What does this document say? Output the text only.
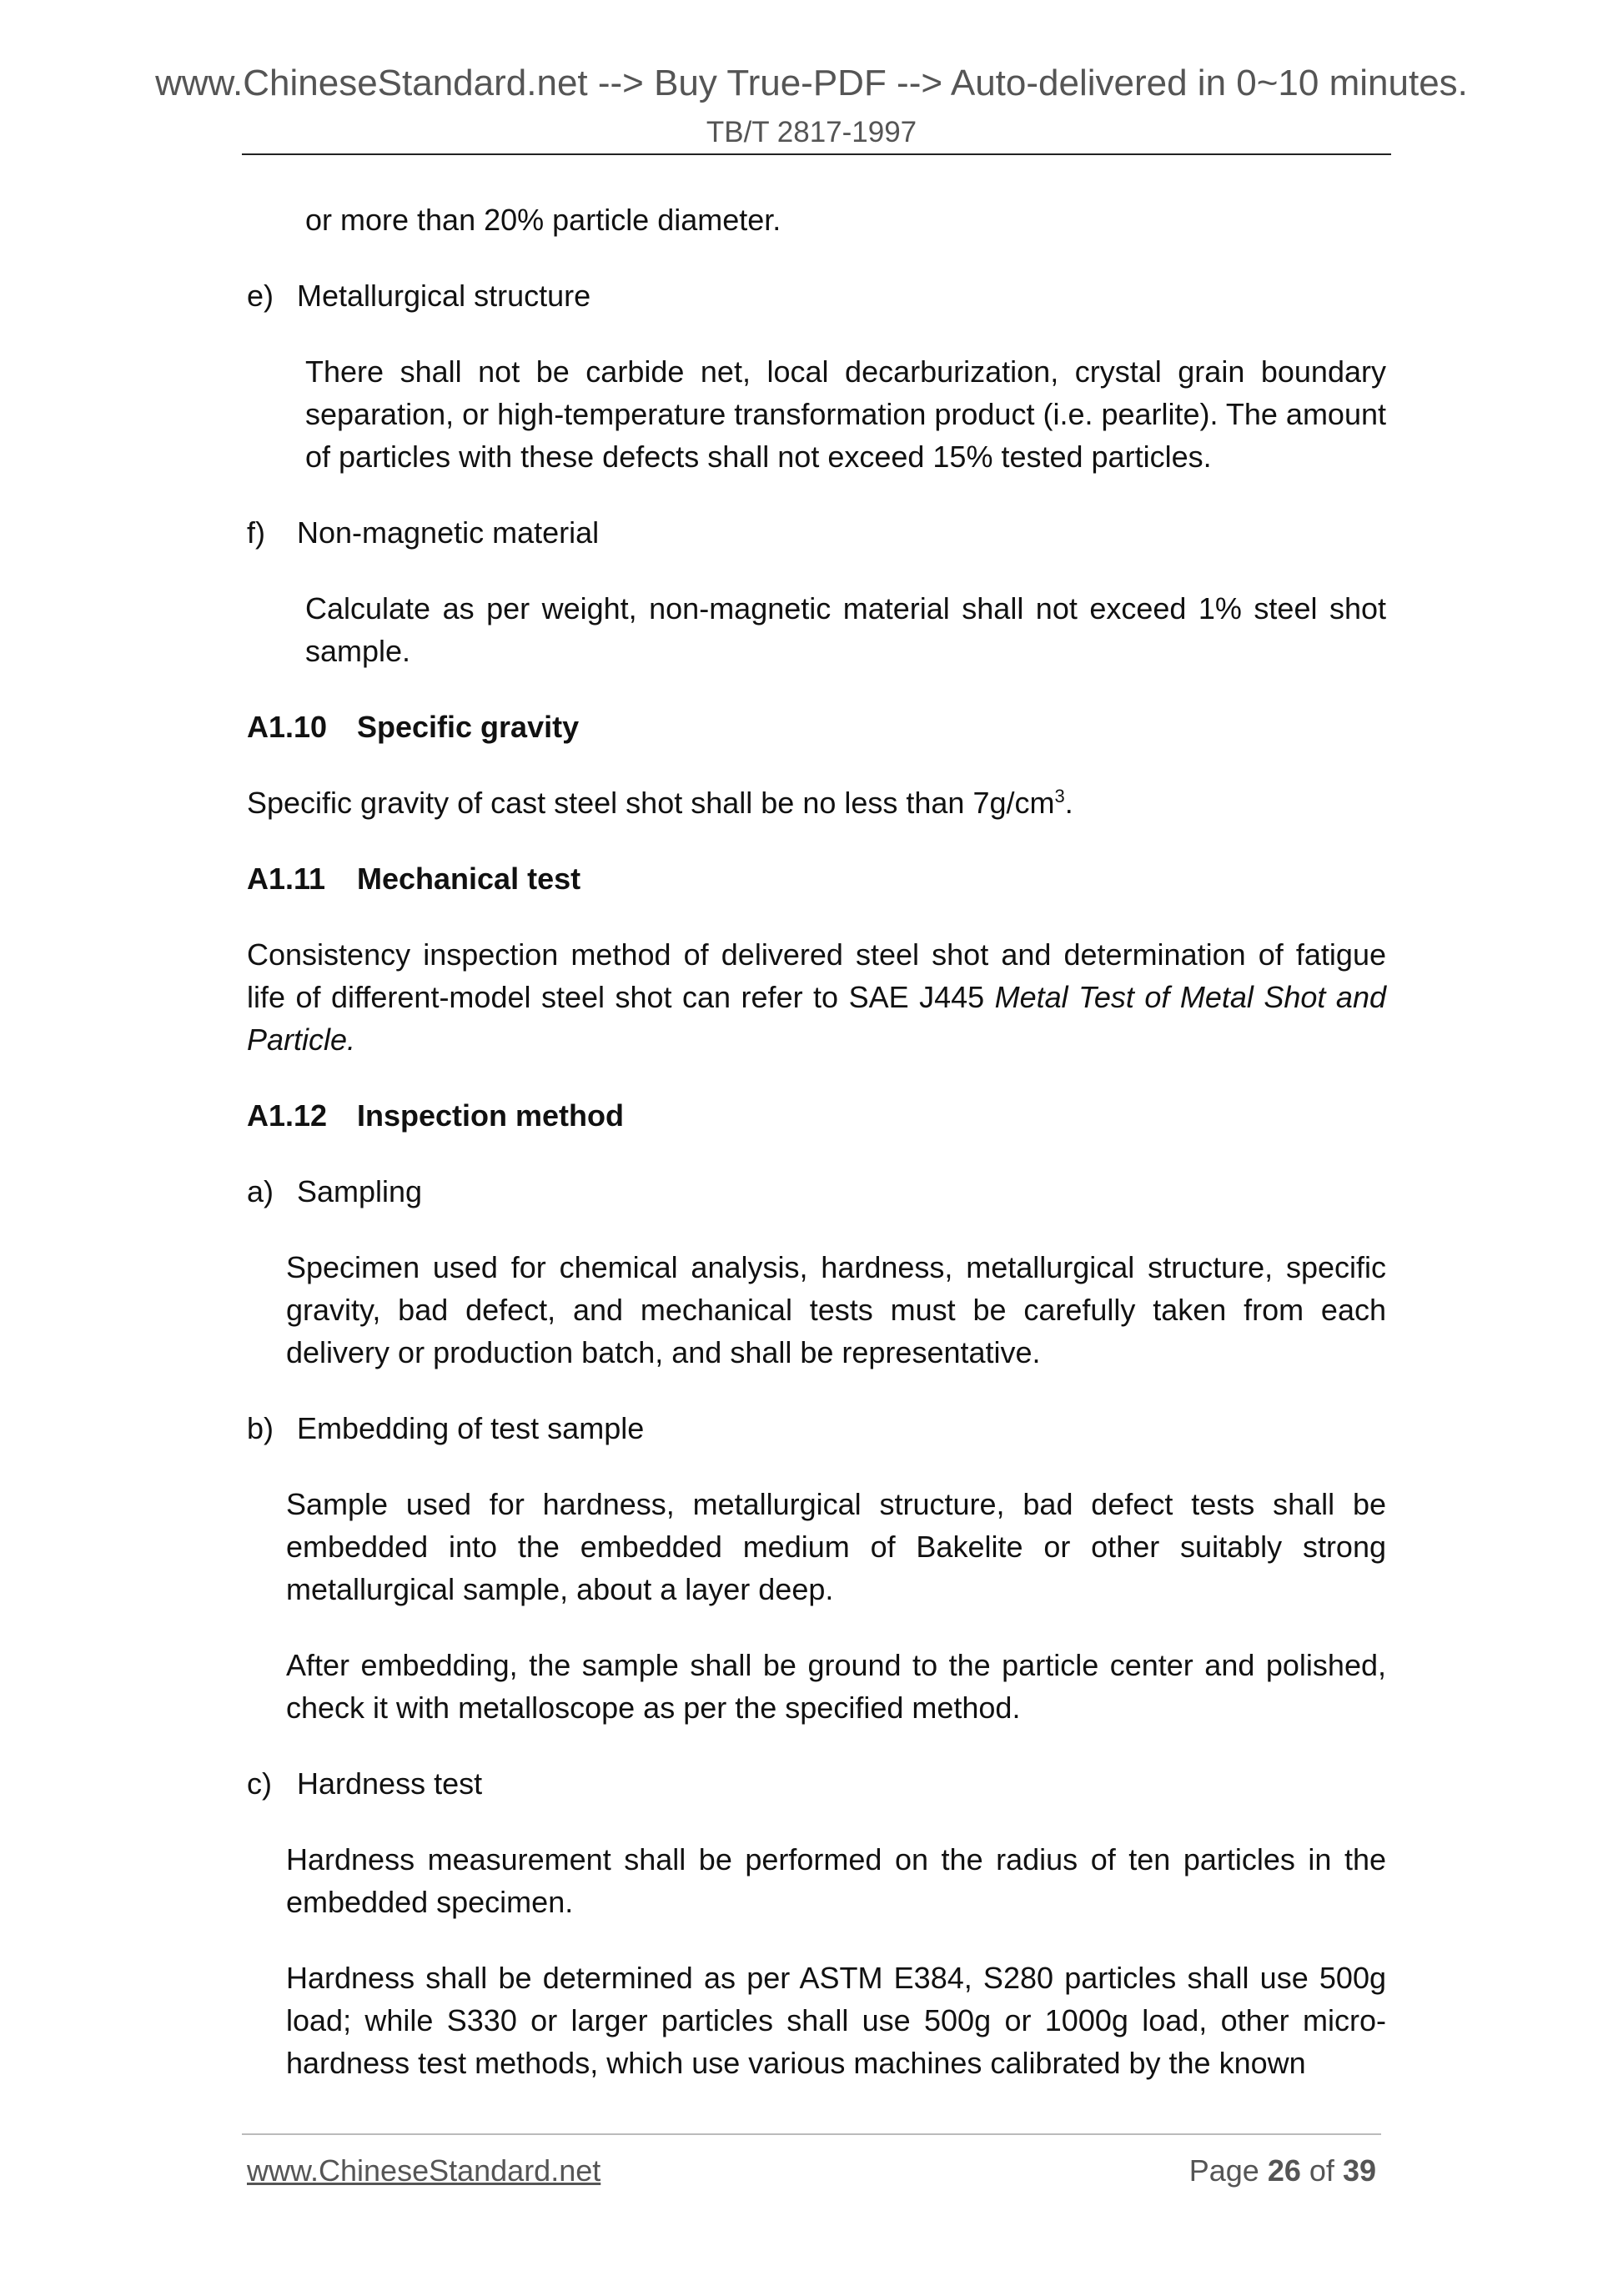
www.ChineseStandard.net --> Buy True-PDF --> Auto-delivered in 0~10 minutes.
TB/T 2817-1997

or more than 20% particle diameter.

e) Metallurgical structure

There shall not be carbide net, local decarburization, crystal grain boundary separation, or high-temperature transformation product (i.e. pearlite). The amount of particles with these defects shall not exceed 15% tested particles.

f) Non-magnetic material

Calculate as per weight, non-magnetic material shall not exceed 1% steel shot sample.

A1.10 Specific gravity

Specific gravity of cast steel shot shall be no less than $7g/cm^3$.

A1.11 Mechanical test

Consistency inspection method of delivered steel shot and determination of fatigue life of different-model steel shot can refer to SAE J445 Metal Test of Metal Shot and Particle.

A1.12 Inspection method

a) Sampling

Specimen used for chemical analysis, hardness, metallurgical structure, specific gravity, bad defect, and mechanical tests must be carefully taken from each delivery or production batch, and shall be representative.

b) Embedding of test sample

Sample used for hardness, metallurgical structure, bad defect tests shall be embedded into the embedded medium of Bakelite or other suitably strong metallurgical sample, about a layer deep.

After embedding, the sample shall be ground to the particle center and polished, check it with metalloscope as per the specified method.

c) Hardness test

Hardness measurement shall be performed on the radius of ten particles in the embedded specimen.

Hardness shall be determined as per ASTM E384, S280 particles shall use 500g load; while S330 or larger particles shall use 500g or 1000g load, other micro-hardness test methods, which use various machines calibrated by the known

www.ChineseStandard.net	Page 26 of 39
